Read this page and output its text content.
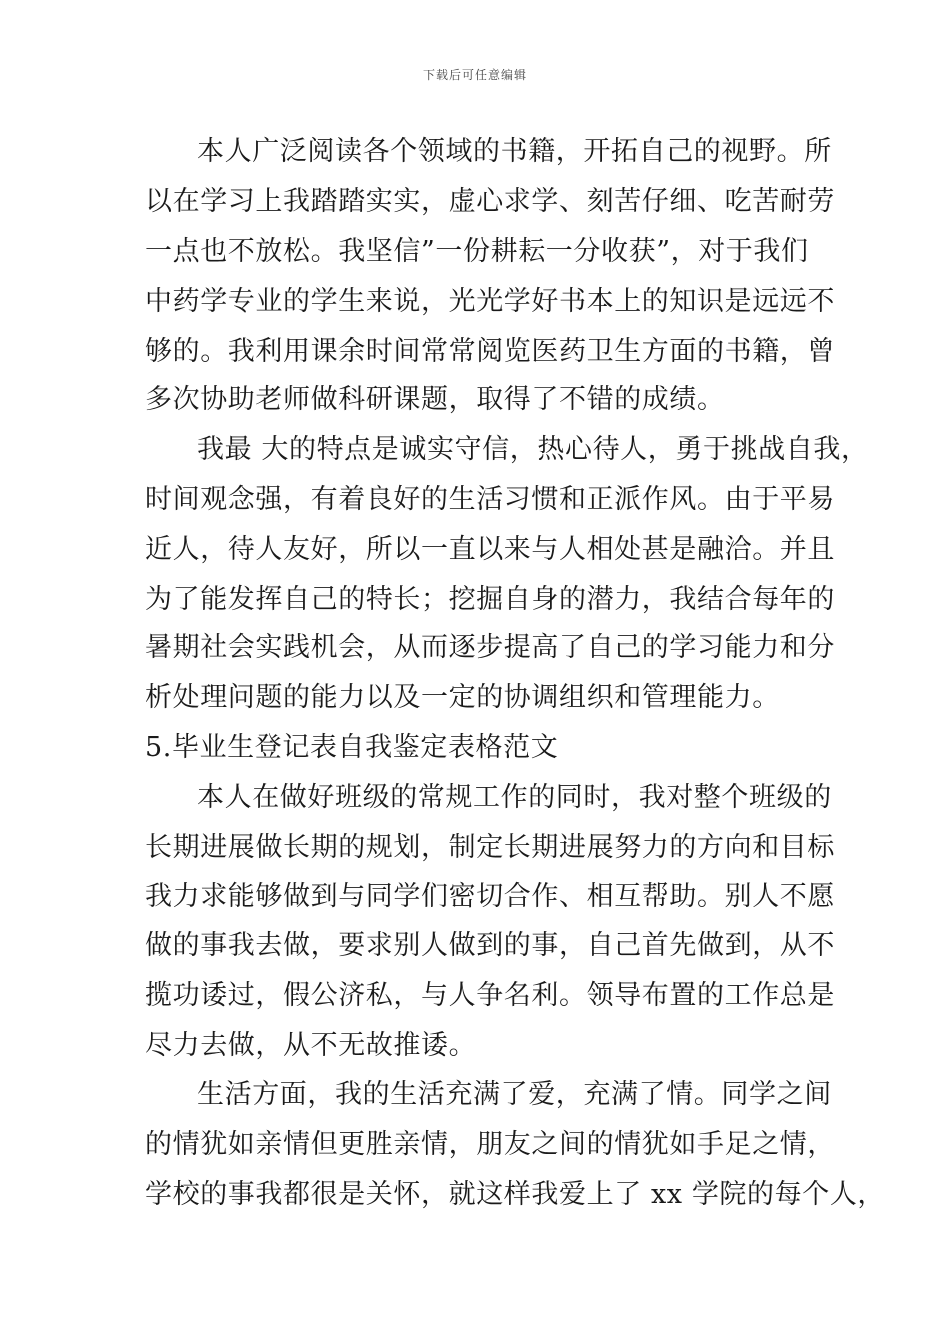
下载后可任意编辑
本人广泛阅读各个领域的书籍，开拓自己的视野。所
以在学习上我踏踏实实，虚心求学、刻苦仔细、吃苦耐劳
一点也不放松。我坚信”一份耕耘一分收获”，对于我们
中药学专业的学生来说，光光学好书本上的知识是远远不
够的。我利用课余时间常常阅览医药卫生方面的书籍，曾
多次协助老师做科研课题，取得了不错的成绩。
我最 大的特点是诚实守信，热心待人，勇于挑战自我，
时间观念强，有着良好的生活习惯和正派作风。由于平易
近人，待人友好，所以一直以来与人相处甚是融洽。并且
为了能发挥自己的特长；挖掘自身的潜力，我结合每年的
暑期社会实践机会，从而逐步提高了自己的学习能力和分
析处理问题的能力以及一定的协调组织和管理能力。
5.毕业生登记表自我鉴定表格范文
本人在做好班级的常规工作的同时，我对整个班级的
长期进展做长期的规划，制定长期进展努力的方向和目标
我力求能够做到与同学们密切合作、相互帮助。别人不愿
做的事我去做，要求别人做到的事，自己首先做到，从不
揽功诿过，假公济私，与人争名利。领导布置的工作总是
尽力去做，从不无故推诿。
生活方面，我的生活充满了爱，充满了情。同学之间
的情犹如亲情但更胜亲情，朋友之间的情犹如手足之情，
学校的事我都很是关怀，就这样我爱上了 xx 学院的每个人，
